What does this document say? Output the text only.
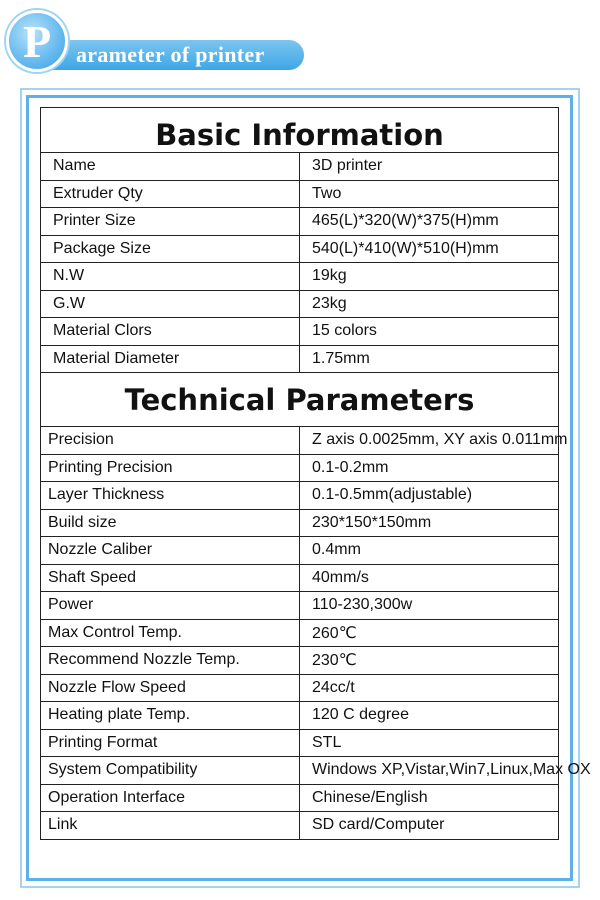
arameter of printer
P
Basic Information	
Name	3D printer
Extruder Qty	Two
Printer Size	465(L)*320(W)*375(H)mm
Package Size	540(L)*410(W)*510(H)mm
N.W	19kg
G.W	23kg
Material Clors	15 colors
Material Diameter	1.75mm
Technical Parameters	
Precision	Z axis 0.0025mm, XY axis 0.011mm
Printing Precision	0.1-0.2mm
Layer Thickness	0.1-0.5mm(adjustable)
Build size	230*150*150mm
Nozzle Caliber	0.4mm
Shaft Speed	40mm/s
Power	110-230,300w
Max Control Temp.	260℃
Recommend Nozzle Temp.	230℃
Nozzle Flow Speed	24cc/t
Heating plate Temp.	120 C degree
Printing Format	STL
System Compatibility	Windows XP,Vistar,Win7,Linux,Max OX
Operation Interface	Chinese/English
Link	SD card/Computer
